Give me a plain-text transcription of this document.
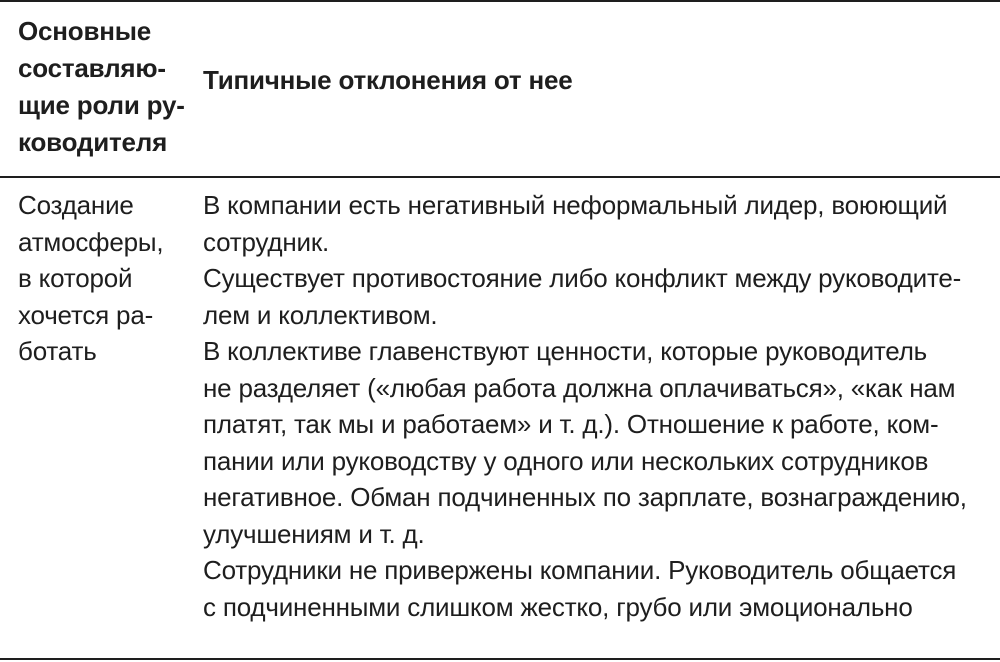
Основные
составляю-
щие роли ру-
ководителя
Типичные отклонения от нее
Создание
атмосферы,
в которой
хочется ра-
ботать
В компании есть негативный неформальный лидер, воюющий
сотрудник.
Существует противостояние либо конфликт между руководите-
лем и коллективом.
В коллективе главенствуют ценности, которые руководитель
не разделяет («любая работа должна оплачиваться», «как нам
платят, так мы и работаем» и т. д.). Отношение к работе, ком-
пании или руководству у одного или нескольких сотрудников
негативное. Обман подчиненных по зарплате, вознаграждению,
улучшениям и т. д.
Сотрудники не привержены компании. Руководитель общается
с подчиненными слишком жестко, грубо или эмоционально
